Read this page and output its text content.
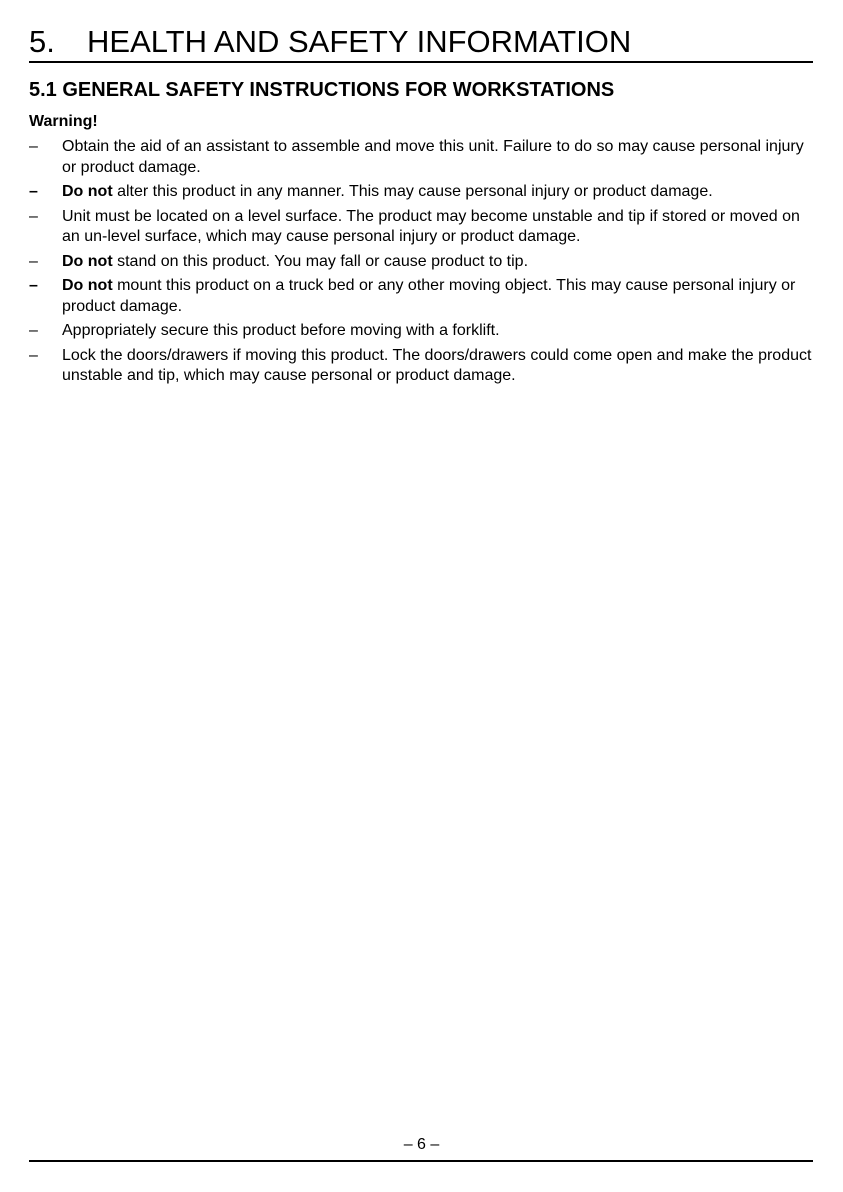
5. HEALTH AND SAFETY INFORMATION
5.1 GENERAL SAFETY INSTRUCTIONS FOR WORKSTATIONS

Warning!

–	Obtain the aid of an assistant to assemble and move this unit. Failure to do so may cause personal injury or product damage.
–	Do not alter this product in any manner. This may cause personal injury or product damage.
–	Unit must be located on a level surface. The product may become unstable and tip if stored or moved on an un-level surface, which may cause personal injury or product damage.
–	Do not stand on this product. You may fall or cause product to tip.
–	Do not mount this product on a truck bed or any other moving object. This may cause personal injury or product damage.
–	Appropriately secure this product before moving with a forklift.
–	Lock the doors/drawers if moving this product. The doors/drawers could come open and make the product unstable and tip, which may cause personal or product damage.

– 6 –
